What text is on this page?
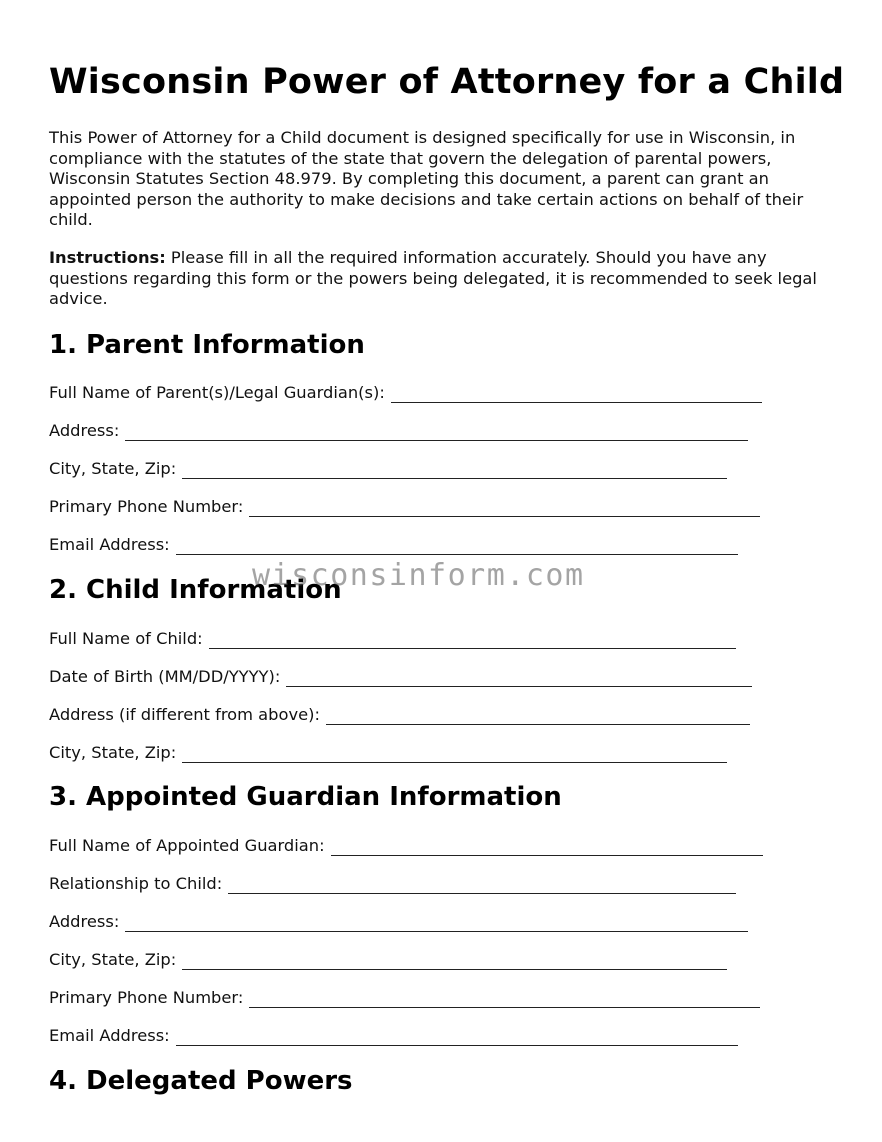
Wisconsin Power of Attorney for a Child

This Power of Attorney for a Child document is designed specifically for use in Wisconsin, in compliance with the statutes of the state that govern the delegation of parental powers, Wisconsin Statutes Section 48.979. By completing this document, a parent can grant an appointed person the authority to make decisions and take certain actions on behalf of their child.

Instructions: Please fill in all the required information accurately. Should you have any questions regarding this form or the powers being delegated, it is recommended to seek legal advice.

1. Parent Information
Full Name of Parent(s)/Legal Guardian(s):
Address:
City, State, Zip:
Primary Phone Number:
Email Address:
2. Child Information
Full Name of Child:
Date of Birth (MM/DD/YYYY):
Address (if different from above):
City, State, Zip:
3. Appointed Guardian Information
Full Name of Appointed Guardian:
Relationship to Child:
Address:
City, State, Zip:
Primary Phone Number:
Email Address:
4. Delegated Powers
wisconsinform.com
